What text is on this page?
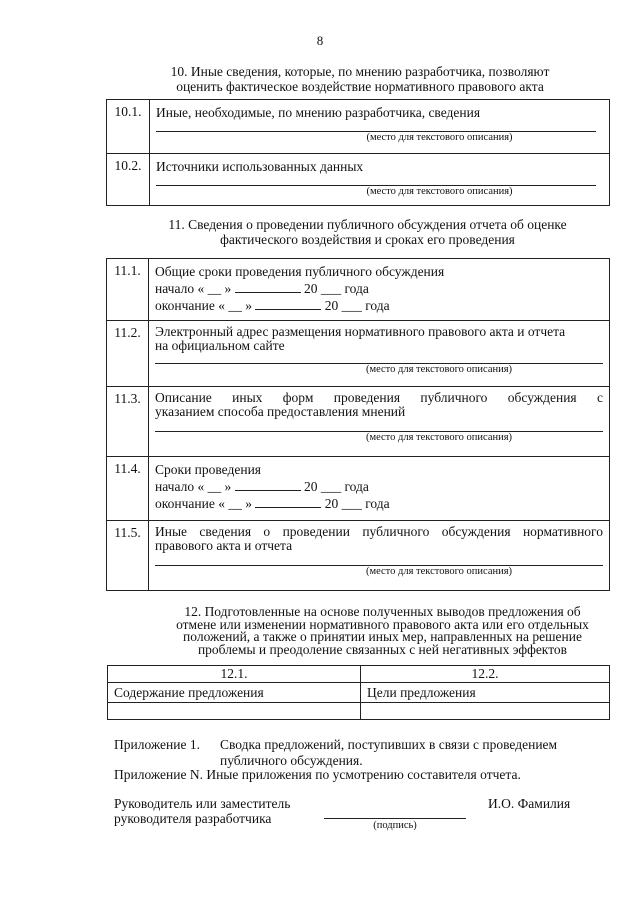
8
10. Иные сведения, которые, по мнению разработчика, позволяют
оценить фактическое воздействие нормативного правового акта
10.1.	Иные, необходимые, по мнению разработчика, сведения
(место для текстового описания)

10.2.	Источники использованных данных
(место для текстового описания)
11. Сведения о проведении публичного обсуждения отчета об оценке
фактического воздействия и сроках его проведения
11.1.	Общие сроки проведения публичного обсуждения
начало « __ » 20 ___ года
окончание « __ » 20 ___ года

11.2.	Электронный адрес размещения нормативного правового акта и отчета
на официальном сайте
(место для текстового описания)

11.3.	Описание иных форм проведения публичного обсуждения с
указанием способа предоставления мнений
(место для текстового описания)

11.4.	Сроки проведения
начало « __ » 20 ___ года
окончание « __ » 20 ___ года

11.5.	Иные сведения о проведении публичного обсуждения нормативного
правового акта и отчета
(место для текстового описания)
12. Подготовленные на основе полученных выводов предложения об
отмене или изменении нормативного правового акта или его отдельных
положений, а также о принятии иных мер, направленных на решение
проблемы и преодоление связанных с ней негативных эффектов
12.1.	12.2.
Содержание предложения	Цели предложения

Приложение 1. Сводка предложений, поступивших в связи с проведением
публичного обсуждения.
Приложение N. Иные приложения по усмотрению составителя отчета.
Руководитель или заместитель
руководителя разработчика	(подпись)
И.О. Фамилия
